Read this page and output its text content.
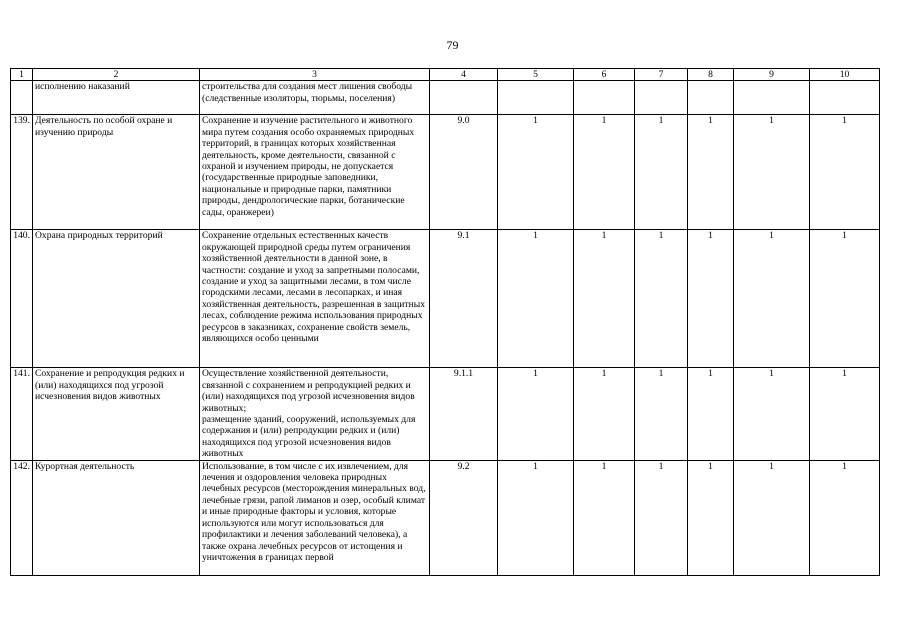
79
1	2	3	4	5	6	7	8	9	10
	исполнению наказаний	строительства для создания мест лишения свободы (следственные изоляторы, тюрьмы, поселения)							
139.	Деятельность по особой охране и изучению природы	Сохранение и изучение растительного и животного мира путем создания особо охраняемых природных территорий, в границах которых хозяйственная деятельность, кроме деятельности, связанной с охраной и изучением природы, не допускается (государственные природные заповедники, национальные и природные парки, памятники природы, дендрологические парки, ботанические сады, оранжереи)	9.0	1	1	1	1	1	1
140.	Охрана природных территорий	Сохранение отдельных естественных качеств окружающей природной среды путем ограничения хозяйственной деятельности в данной зоне, в частности: создание и уход за запретными полосами, создание и уход за защитными лесами, в том числе городскими лесами, лесами в лесопарках, и иная хозяйственная деятельность, разрешенная в защитных лесах, соблюдение режима использования природных ресурсов в заказниках, сохранение свойств земель, являющихся особо ценными	9.1	1	1	1	1	1	1
141.	Сохранение и репродукция редких и (или) находящихся под угрозой исчезновения видов животных	Осуществление хозяйственной деятельности, связанной с сохранением и репродукцией редких и (или) находящихся под угрозой исчезновения видов животных;
размещение зданий, сооружений, используемых для содержания и (или) репродукции редких и (или) находящихся под угрозой исчезновения видов животных	9.1.1	1	1	1	1	1	1
142.	Курортная деятельность	Использование, в том числе с их извлечением, для лечения и оздоровления человека природных лечебных ресурсов (месторождения минеральных вод, лечебные грязи, рапой лиманов и озер, особый климат и иные природные факторы и условия, которые используются или могут использоваться для профилактики и лечения заболеваний человека), а также охрана лечебных ресурсов от истощения и уничтожения в границах первой	9.2	1	1	1	1	1	1
